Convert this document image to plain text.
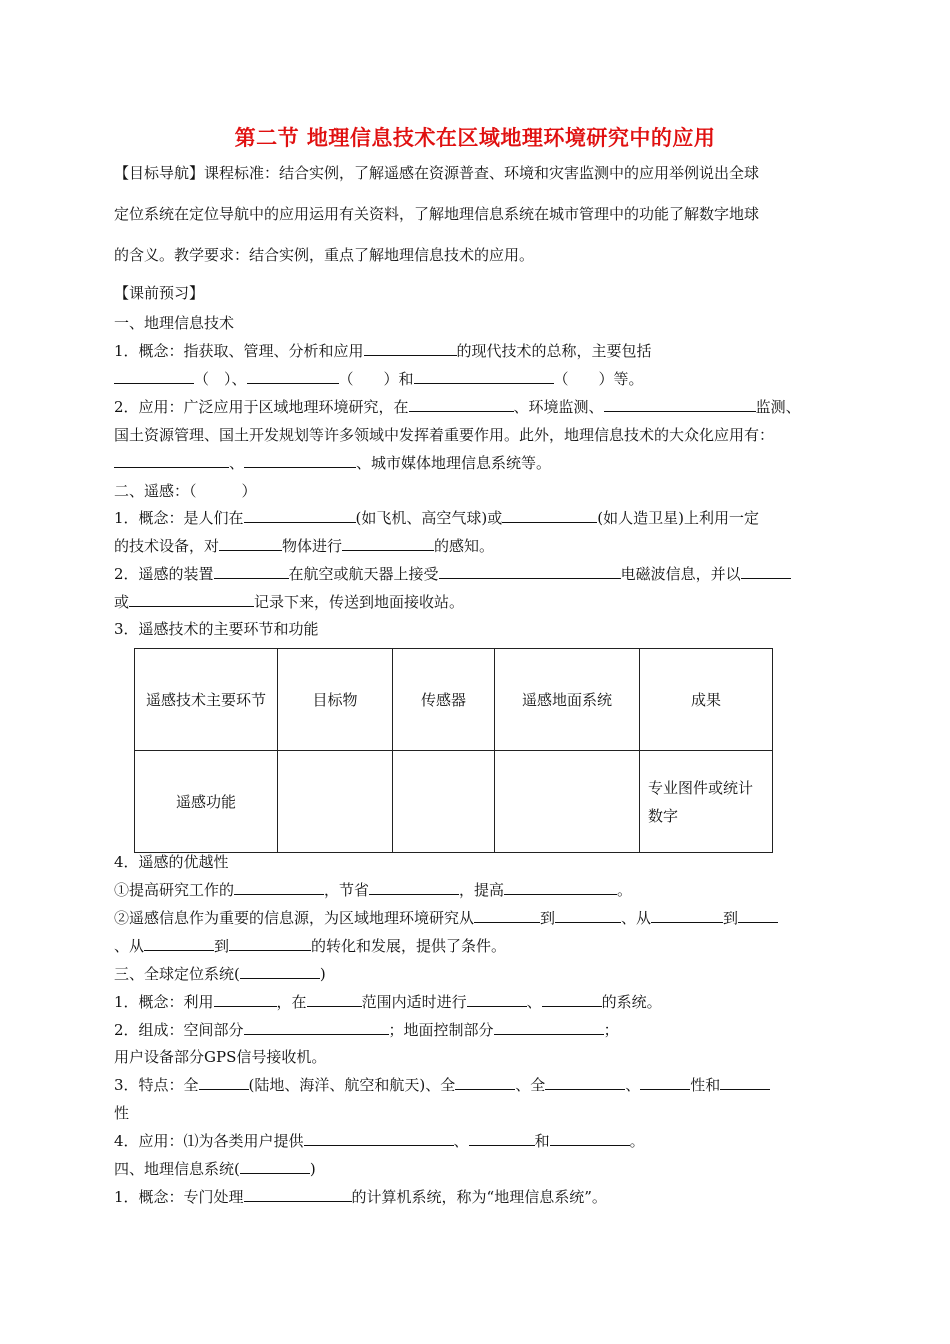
第二节 地理信息技术在区域地理环境研究中的应用
【目标导航】课程标准：结合实例，了解遥感在资源普查、环境和灾害监测中的应用举例说出全球
定位系统在定位导航中的应用运用有关资料，了解地理信息系统在城市管理中的功能了解数字地球
的含义。教学要求：结合实例，重点了解地理信息技术的应用。
【课前预习】
一、地理信息技术
1．概念：指获取、管理、分析和应用	的现代技术的总称，主要包括
（　）、	（　　）和	（　　）等。
2．应用：广泛应用于区域地理环境研究，在	、环境监测、	监测、
国土资源管理、国土开发规划等许多领域中发挥着重要作用。此外，地理信息技术的大众化应用有：
、	、城市媒体地理信息系统等。
二、遥感：（　　　）
1．概念：是人们在	(如飞机、高空气球)或	(如人造卫星)上利用一定
的技术设备，对	物体进行	的感知。
2．遥感的装置	在航空或航天器上接受	电磁波信息，并以
或	记录下来，传送到地面接收站。
3．遥感技术的主要环节和功能
遥感技术主要环节	目标物	传感器	遥感地面系统	成果
遥感功能				专业图件或统计数字
4．遥感的优越性
①提高研究工作的	，节省	，提高	。
②遥感信息作为重要的信息源，为区域地理环境研究从	到	、从	到
、从	到	的转化和发展，提供了条件。
三、全球定位系统(	)
1．概念：利用	，在	范围内适时进行	、	的系统。
2．组成：空间部分	；地面控制部分	；
用户设备部分GPS信号接收机。
3．特点：全	(陆地、海洋、航空和航天)、全	、全	、	性和
性
4．应用：⑴为各类用户提供	、	和	。
四、地理信息系统(	)
1．概念：专门处理	的计算机系统，称为“地理信息系统”。
